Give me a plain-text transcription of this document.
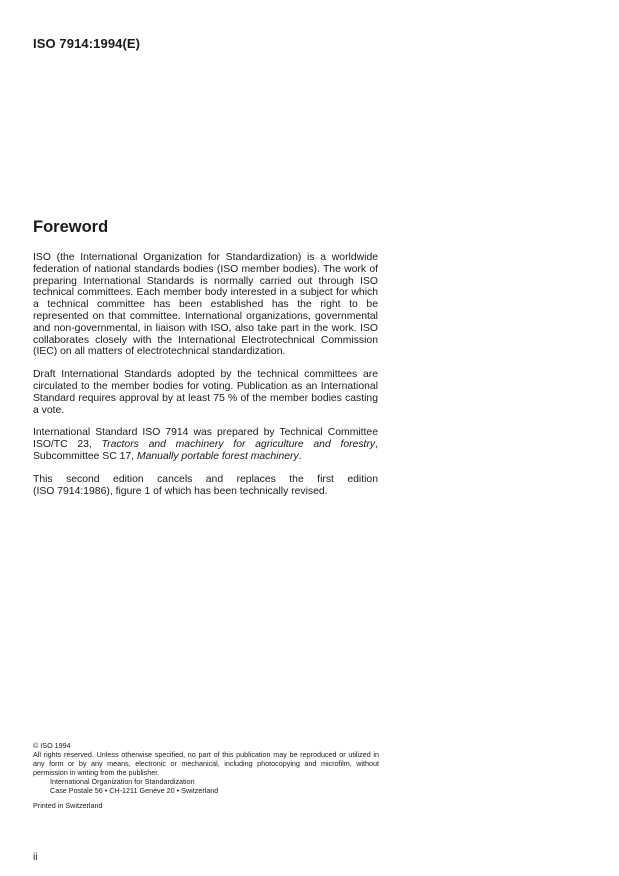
ISO 7914:1994(E)
Foreword

ISO (the International Organization for Standardization) is a worldwide federation of national standards bodies (ISO member bodies). The work of preparing International Standards is normally carried out through ISO technical committees. Each member body interested in a subject for which a technical committee has been established has the right to be represented on that committee. International organizations, governmental and non-governmental, in liaison with ISO, also take part in the work. ISO collaborates closely with the International Electrotechnical Commission (IEC) on all matters of electrotechnical standardization.

Draft International Standards adopted by the technical committees are circulated to the member bodies for voting. Publication as an International Standard requires approval by at least 75 % of the member bodies casting a vote.

International Standard ISO 7914 was prepared by Technical Committee ISO/TC 23, Tractors and machinery for agriculture and forestry, Subcommittee SC 17, Manually portable forest machinery.

This second edition cancels and replaces the first edition
(ISO 7914:1986), figure 1 of which has been technically revised.

© ISO 1994

All rights reserved. Unless otherwise specified, no part of this publication may be reproduced or utilized in any form or by any means, electronic or mechanical, including photocopying and microfilm, without permission in writing from the publisher.

International Organization for Standardization

Case Postale 56 • CH-1211 Genève 20 • Switzerland

Printed in Switzerland

ii
